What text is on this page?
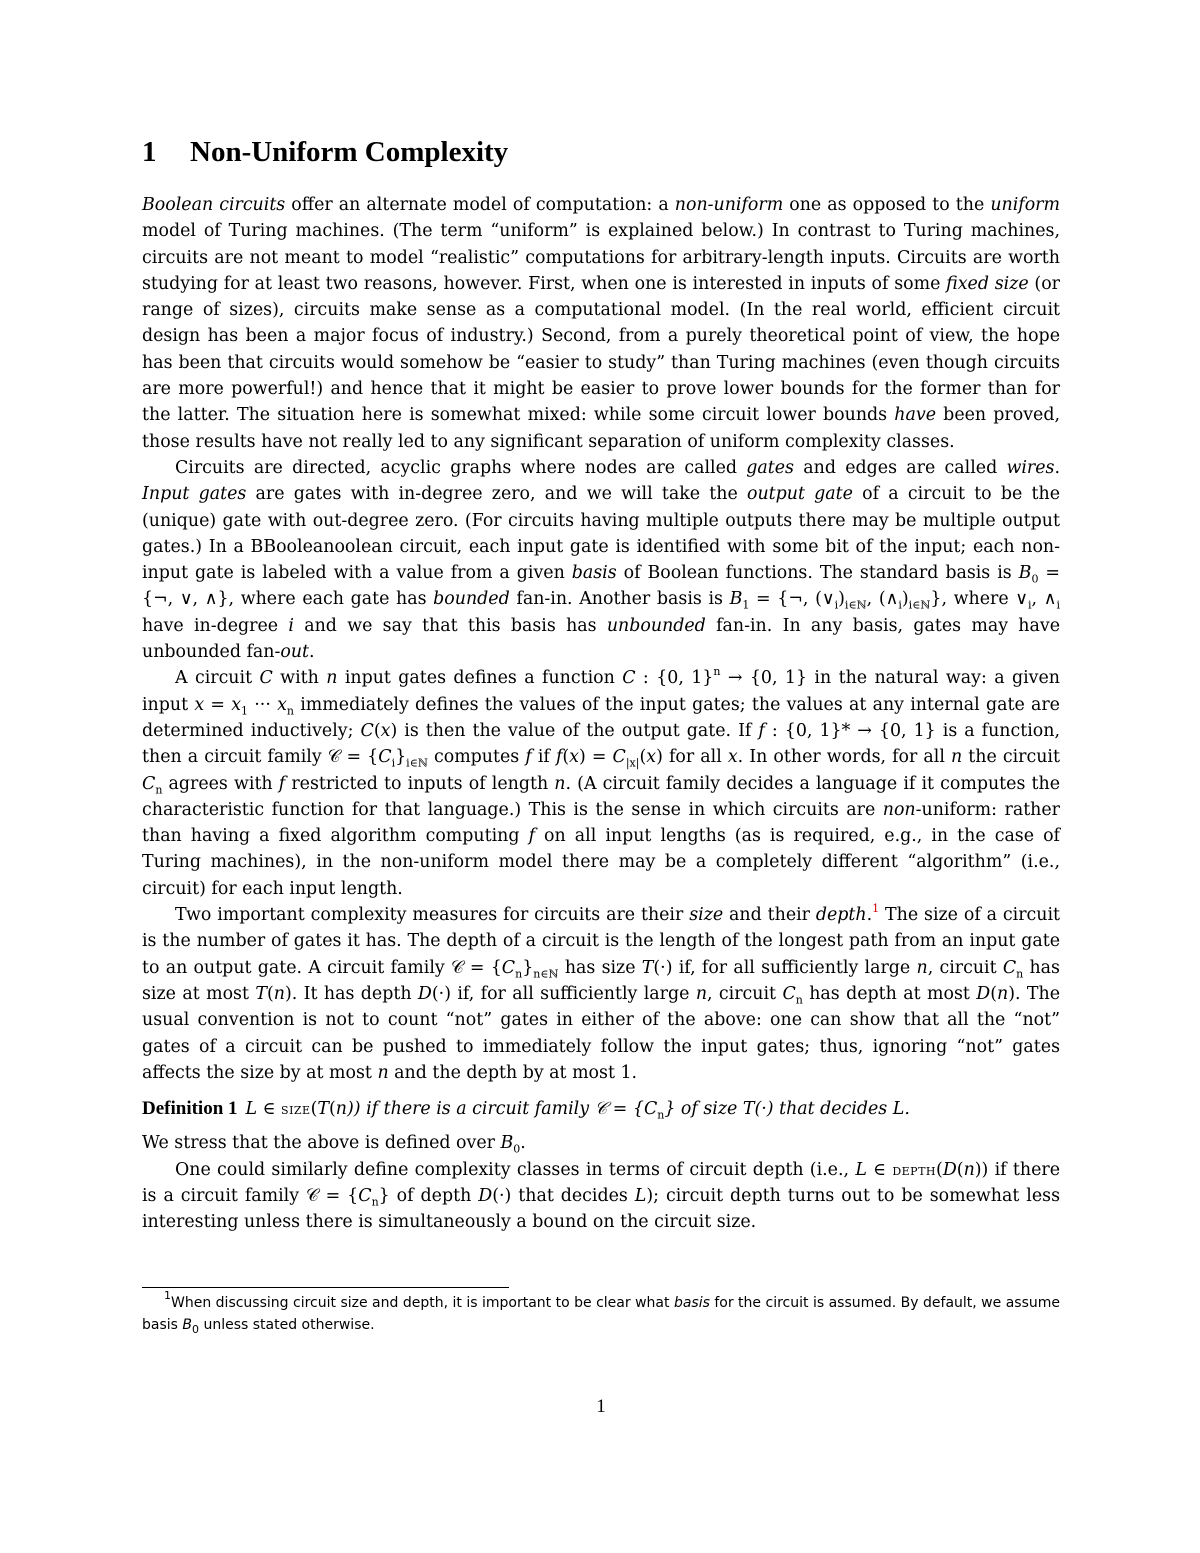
1 Non-Uniform Complexity

Boolean circuits offer an alternate model of computation: a non-uniform one as opposed to the uniform model of Turing machines. (The term “uniform” is explained below.) In contrast to Turing machines, circuits are not meant to model “realistic” computations for arbitrary-length inputs. Circuits are worth studying for at least two reasons, however. First, when one is interested in inputs of some fixed size (or range of sizes), circuits make sense as a computational model. (In the real world, efficient circuit design has been a major focus of industry.) Second, from a purely theoretical point of view, the hope has been that circuits would somehow be “easier to study” than Turing machines (even though circuits are more powerful!) and hence that it might be easier to prove lower bounds for the former than for the latter. The situation here is somewhat mixed: while some circuit lower bounds have been proved, those results have not really led to any significant separation of uniform complexity classes.

Circuits are directed, acyclic graphs where nodes are called gates and edges are called wires. Input gates are gates with in-degree zero, and we will take the output gate of a circuit to be the (unique) gate with out-degree zero. (For circuits having multiple outputs there may be multiple output gates.) In a BBooleanoolean circuit, each input gate is identified with some bit of the input; each non-input gate is labeled with a value from a given basis of Boolean functions. The standard basis is $B_0$ = {¬, ∨, ∧}, where each gate has bounded fan-in. Another basis is $B_1$ = {¬, $(\vee_i)_{i\in ℕ}$, $(\wedge_i)_{i\in ℕ}$}, where $\vee_i$, $\wedge_i$ have in-degree i and we say that this basis has unbounded fan-in. In any basis, gates may have unbounded fan-out.

A circuit C with n input gates defines a function C : {0, 1}$^n$ → {0, 1} in the natural way: a given input $x = x_1$ ··· $x_n$ immediately defines the values of the input gates; the values at any internal gate are determined inductively; C(x) is then the value of the output gate. If f : {0, 1}* → {0, 1} is a function, then a circuit family 𝒞 = $\{C_i\}_{i\in ℕ}$ computes f if $f(x) = C_{|x|}(x)$ for all x. In other words, for all n the circuit $C_n$ agrees with f restricted to inputs of length n. (A circuit family decides a language if it computes the characteristic function for that language.) This is the sense in which circuits are non-uniform: rather than having a fixed algorithm computing f on all input lengths (as is required, e.g., in the case of Turing machines), in the non-uniform model there may be a completely different “algorithm” (i.e., circuit) for each input length.

Two important complexity measures for circuits are their size and their depth.$^1$ The size of a circuit is the number of gates it has. The depth of a circuit is the length of the longest path from an input gate to an output gate. A circuit family 𝒞 = $\{C_n\}_{n\in ℕ}$ has size T(·) if, for all sufficiently large n, circuit $C_n$ has size at most T(n). It has depth D(·) if, for all sufficiently large n, circuit $C_n$ has depth at most D(n). The usual convention is not to count “not” gates in either of the above: one can show that all the “not” gates of a circuit can be pushed to immediately follow the input gates; thus, ignoring “not” gates affects the size by at most n and the depth by at most 1.

Definition 1 L ∈ size(T(n)) if there is a circuit family 𝒞 = $\{C_n\}$ of size T(·) that decides L.

We stress that the above is defined over $B_0$.

One could similarly define complexity classes in terms of circuit depth (i.e., L ∈ depth(D(n)) if there is a circuit family 𝒞 = $\{C_n\}$ of depth D(·) that decides L); circuit depth turns out to be somewhat less interesting unless there is simultaneously a bound on the circuit size.

$^1$When discussing circuit size and depth, it is important to be clear what basis for the circuit is assumed. By default, we assume basis $B_0$ unless stated otherwise.

1
